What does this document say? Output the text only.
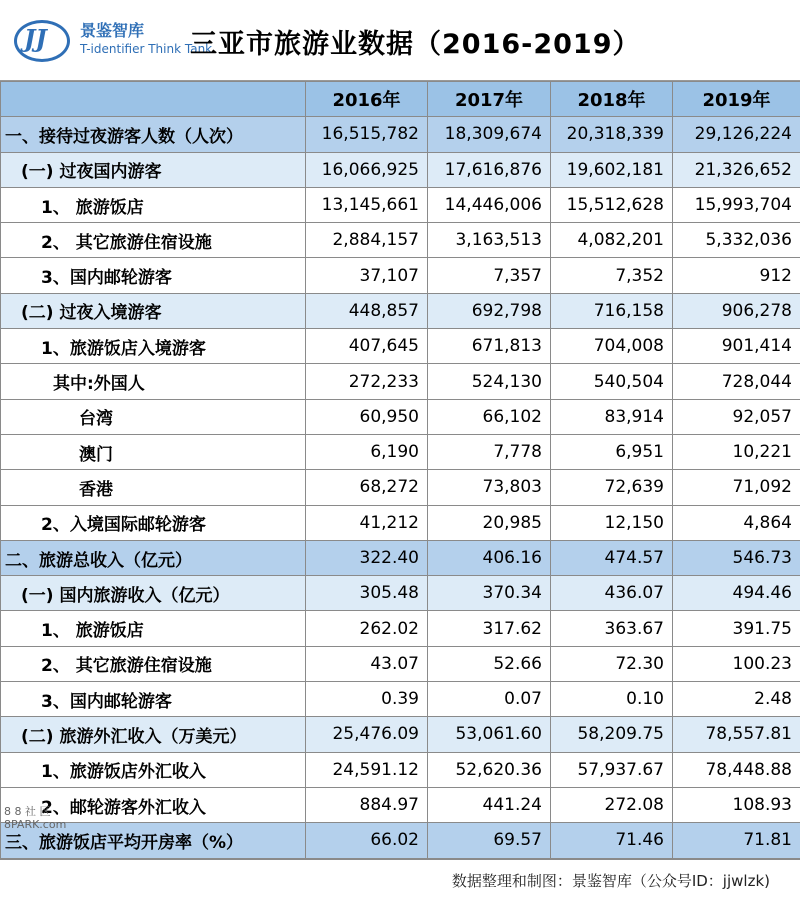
JJ 景鉴智库
T-identifier Think Tank
三亚市旅游业数据（2016-2019）
	2016年	2017年	2018年	2019年
一、接待过夜游客人数（人次）	16,515,782	18,309,674	20,318,339	29,126,224
(一) 过夜国内游客	16,066,925	17,616,876	19,602,181	21,326,652
1、 旅游饭店	13,145,661	14,446,006	15,512,628	15,993,704
2、 其它旅游住宿设施	2,884,157	3,163,513	4,082,201	5,332,036
3、国内邮轮游客	37,107	7,357	7,352	912
(二) 过夜入境游客	448,857	692,798	716,158	906,278
1、旅游饭店入境游客	407,645	671,813	704,008	901,414
其中:外国人	272,233	524,130	540,504	728,044
台湾	60,950	66,102	83,914	92,057
澳门	6,190	7,778	6,951	10,221
香港	68,272	73,803	72,639	71,092
2、入境国际邮轮游客	41,212	20,985	12,150	4,864
二、旅游总收入（亿元）	322.40	406.16	474.57	546.73
(一) 国内旅游收入（亿元）	305.48	370.34	436.07	494.46
1、 旅游饭店	262.02	317.62	363.67	391.75
2、 其它旅游住宿设施	43.07	52.66	72.30	100.23
3、国内邮轮游客	0.39	0.07	0.10	2.48
(二) 旅游外汇收入（万美元）	25,476.09	53,061.60	58,209.75	78,557.81
1、旅游饭店外汇收入	24,591.12	52,620.36	57,937.67	78,448.88
2、邮轮游客外汇收入	884.97	441.24	272.08	108.93
三、旅游饭店平均开房率（%）	66.02	69.57	71.46	71.81
数据整理和制图：景鉴智库（公众号ID：jjwlzk)
8 8 社 区
8PARK.com
